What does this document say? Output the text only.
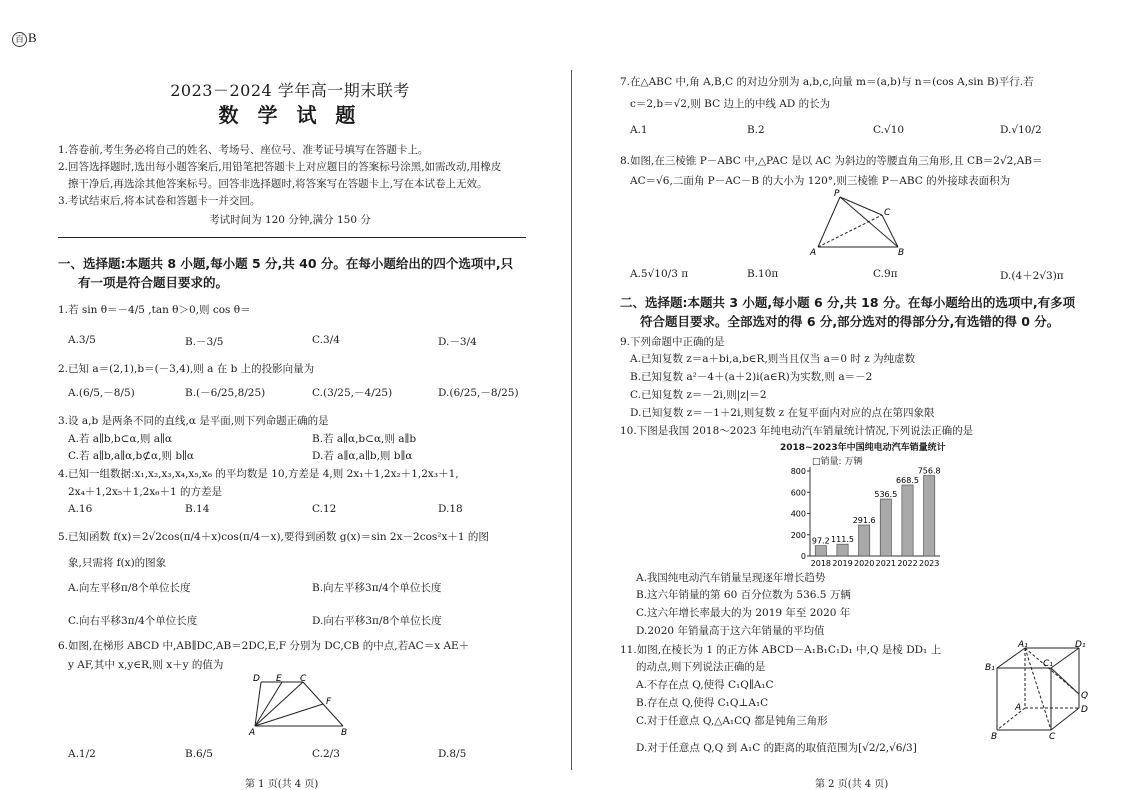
百 B
2023－2024 学年高一期末联考
数 学 试 题
1.答卷前,考生务必将自己的姓名、考场号、座位号、准考证号填写在答题卡上。
2.回答选择题时,选出每小题答案后,用铅笔把答题卡上对应题目的答案标号涂黑,如需改动,用橡皮
擦干净后,再选涂其他答案标号。回答非选择题时,将答案写在答题卡上,写在本试卷上无效。
3.考试结束后,将本试卷和答题卡一并交回。
考试时间为 120 分钟,满分 150 分
一、选择题:本题共 8 小题,每小题 5 分,共 40 分。在每小题给出的四个选项中,只
有一项是符合题目要求的。
1.若 sin θ＝－4/5 ,tan θ＞0,则 cos θ＝
A.3/5	B.－3/5	C.3/4	D.－3/4
2.已知 a＝(2,1),b＝(－3,4),则 a 在 b 上的投影向量为
A.(6/5,－8/5)	B.(－6/25,8/25)	C.(3/25,－4/25)	D.(6/25,－8/25)
3.设 a,b 是两条不同的直线,α 是平面,则下列命题正确的是
A.若 a∥b,b⊂α,则 a∥α	B.若 a∥α,b⊂α,则 a∥b
C.若 a∥b,a∥α,b⊄α,则 b∥α	D.若 a∥α,a∥b,则 b∥α
4.已知一组数据:x₁,x₂,x₃,x₄,x₅,x₆ 的平均数是 10,方差是 4,则 2x₁＋1,2x₂＋1,2x₃＋1,
2x₄＋1,2x₅＋1,2x₆＋1 的方差是
A.16	B.14	C.12	D.18
5.已知函数 f(x)＝2√2cos(π/4＋x)cos(π/4－x),要得到函数 g(x)＝sin 2x－2cos²x＋1 的图
象,只需将 f(x)的图象
A.向左平移π/8个单位长度	B.向左平移3π/4个单位长度
C.向右平移3π/4个单位长度	D.向右平移3π/8个单位长度
6.如图,在梯形 ABCD 中,AB∥DC,AB＝2DC,E,F 分别为 DC,CB 的中点,若AC＝x AE＋
y AF,其中 x,y∈R,则 x＋y 的值为
D E C
F
A	B
A.1/2	B.6/5	C.2/3	D.8/5
第 1 页(共 4 页)
7.在△ABC 中,角 A,B,C 的对边分别为 a,b,c,向量 m＝(a,b)与 n＝(cos A,sin B)平行.若
c＝2,b＝√2,则 BC 边上的中线 AD 的长为
A.1	B.2	C.√10	D.√10/2
8.如图,在三棱锥 P－ABC 中,△PAC 是以 AC 为斜边的等腰直角三角形,且 CB＝2√2,AB＝
AC＝√6,二面角 P－AC－B 的大小为 120°,则三棱锥 P－ABC 的外接球表面积为
P
C
A	B
A.5√10/3 π	B.10π	C.9π	D.(4＋2√3)π
二、选择题:本题共 3 小题,每小题 6 分,共 18 分。在每小题给出的选项中,有多项
符合题目要求。全部选对的得 6 分,部分选对的得部分分,有选错的得 0 分。
9.下列命题中正确的是
A.已知复数 z＝a＋bi,a,b∈R,则当且仅当 a＝0 时 z 为纯虚数
B.已知复数 a²－4＋(a＋2)i(a∈R)为实数,则 a＝－2
C.已知复数 z＝－2i,则|z|＝2
D.已知复数 z＝－1＋2i,则复数 z 在复平面内对应的点在第四象限
10.下图是我国 2018～2023 年纯电动汽车销量统计情况,下列说法正确的是
2018~2023年中国纯电动汽车销量统计
□销量: 万辆
800
600
400
200
0
97.2
2018
111.5
2019
291.6
2020
536.5
2021
668.5
2022
756.8
2023
A.我国纯电动汽车销量呈现逐年增长趋势
B.这六年销量的第 60 百分位数为 536.5 万辆
C.这六年增长率最大的为 2019 年至 2020 年
D.2020 年销量高于这六年销量的平均值
11.如图,在棱长为 1 的正方体 ABCD－A₁B₁C₁D₁ 中,Q 是棱 DD₁ 上
的动点,则下列说法正确的是
A.不存在点 Q,使得 C₁Q∥A₁C
B.存在点 Q,使得 C₁Q⊥A₁C
C.对于任意点 Q,△A₁CQ 都是钝角三角形
D.对于任意点 Q,Q 到 A₁C 的距离的取值范围为[√2/2,√6/3]
A₁	D₁
B₁	C₁
A
Q
D
B	C
第 2 页(共 4 页)
